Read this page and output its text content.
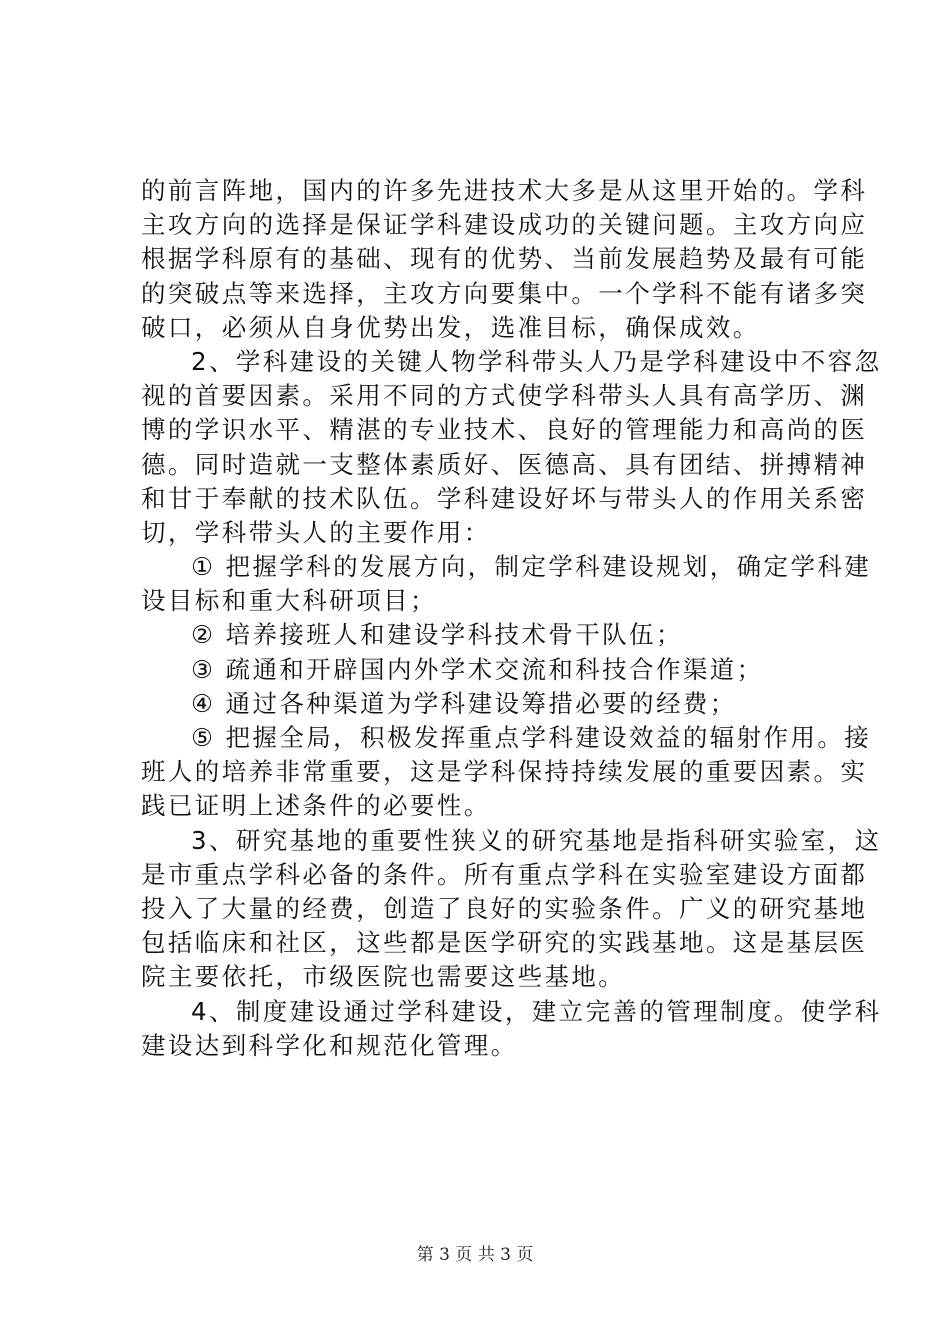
的前言阵地，国内的许多先进技术大多是从这里开始的。学科
主攻方向的选择是保证学科建设成功的关键问题。主攻方向应
根据学科原有的基础、现有的优势、当前发展趋势及最有可能
的突破点等来选择，主攻方向要集中。一个学科不能有诸多突
破口，必须从自身优势出发，选准目标，确保成效。
2、学科建设的关键人物学科带头人乃是学科建设中不容忽
视的首要因素。采用不同的方式使学科带头人具有高学历、渊
博的学识水平、精湛的专业技术、良好的管理能力和高尚的医
德。同时造就一支整体素质好、医德高、具有团结、拼搏精神
和甘于奉献的技术队伍。学科建设好坏与带头人的作用关系密
切，学科带头人的主要作用：
① 把握学科的发展方向，制定学科建设规划，确定学科建
设目标和重大科研项目；
② 培养接班人和建设学科技术骨干队伍；
③ 疏通和开辟国内外学术交流和科技合作渠道；
④ 通过各种渠道为学科建设筹措必要的经费；
⑤ 把握全局，积极发挥重点学科建设效益的辐射作用。接
班人的培养非常重要，这是学科保持持续发展的重要因素。实
践已证明上述条件的必要性。
3、研究基地的重要性狭义的研究基地是指科研实验室，这
是市重点学科必备的条件。所有重点学科在实验室建设方面都
投入了大量的经费，创造了良好的实验条件。广义的研究基地
包括临床和社区，这些都是医学研究的实践基地。这是基层医
院主要依托，市级医院也需要这些基地。
4、制度建设通过学科建设，建立完善的管理制度。使学科
建设达到科学化和规范化管理。
第 3 页 共 3 页
